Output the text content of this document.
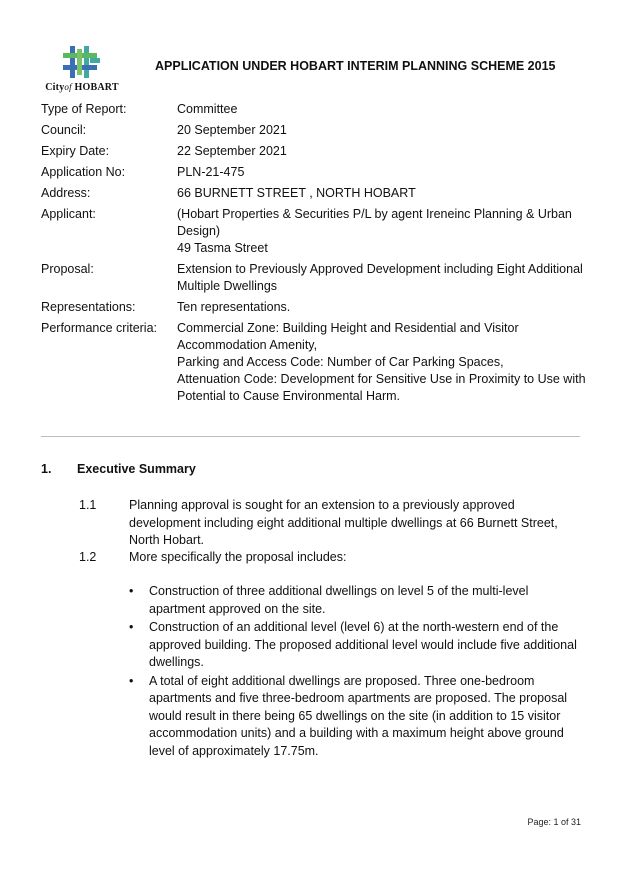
Cityof HOBART
APPLICATION UNDER HOBART INTERIM PLANNING SCHEME 2015
Type of Report:	Committee
Council:	20 September 2021
Expiry Date:	22 September 2021
Application No:	PLN-21-475
Address:	66 BURNETT STREET , NORTH HOBART
Applicant:	(Hobart Properties & Securities P/L by agent Ireneinc Planning & Urban Design)
49 Tasma Street
Proposal:	Extension to Previously Approved Development including Eight Additional Multiple Dwellings
Representations:	Ten representations.
Performance criteria:	Commercial Zone: Building Height and Residential and Visitor Accommodation Amenity,
Parking and Access Code: Number of Car Parking Spaces,
Attenuation Code: Development for Sensitive Use in Proximity to Use with Potential to Cause Environmental Harm.
1.	Executive Summary
1.1	Planning approval is sought for an extension to a previously approved development including eight additional multiple dwellings at 66 Burnett Street, North Hobart.
1.2	More specifically the proposal includes:
•	Construction of three additional dwellings on level 5 of the multi-level apartment approved on the site.
•	Construction of an additional level (level 6) at the north-western end of the approved building. The proposed additional level would include five additional dwellings.
•	A total of eight additional dwellings are proposed. Three one-bedroom apartments and five three-bedroom apartments are proposed. The proposal would result in there being 65 dwellings on the site (in addition to 15 visitor accommodation units) and a building with a maximum height above ground level of approximately 17.75m.
Page: 1 of 31
